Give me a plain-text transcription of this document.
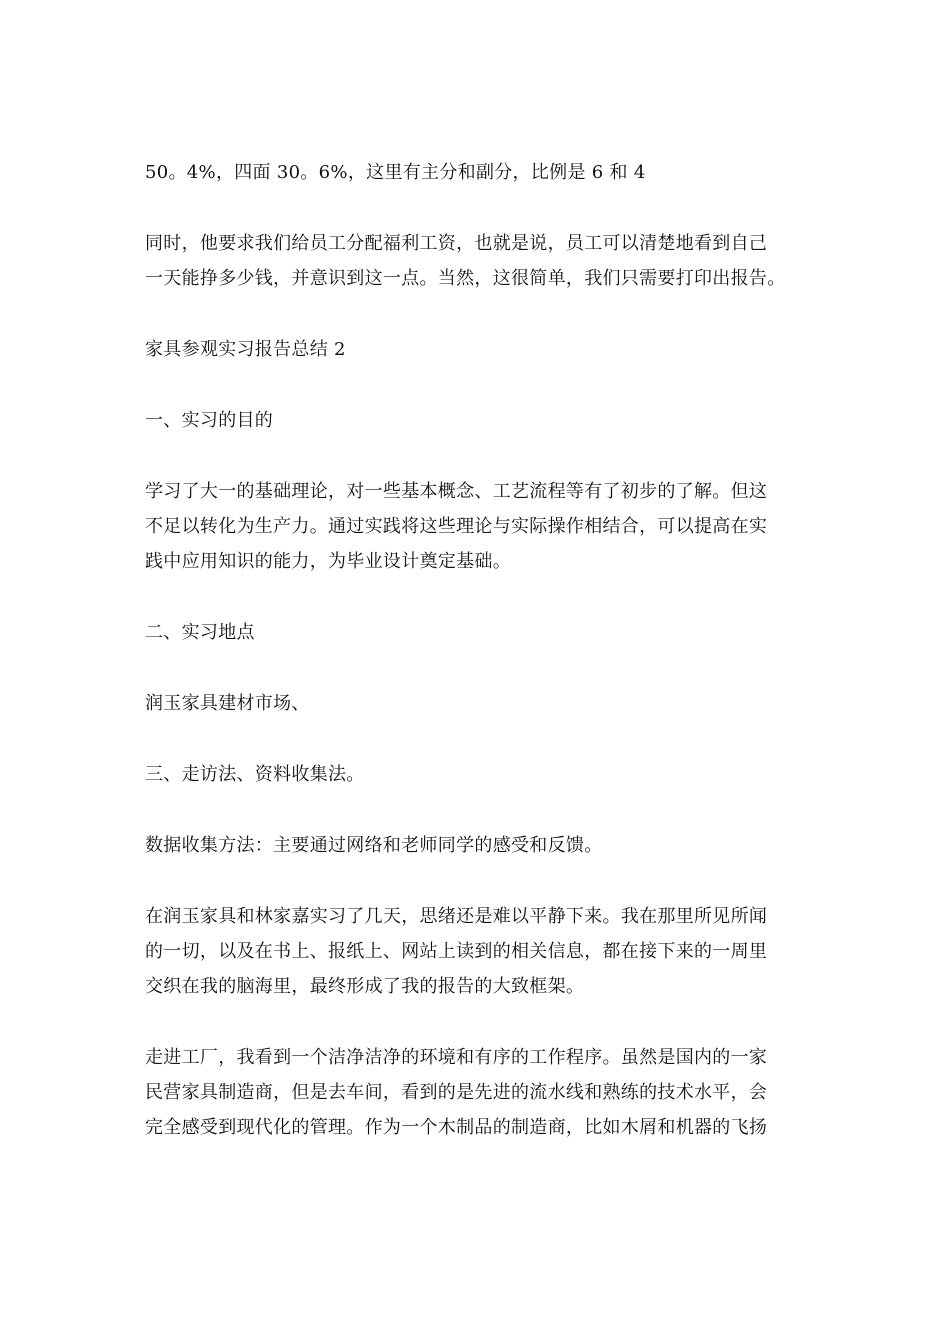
50。4%，四面 30。6%，这里有主分和副分，比例是 6 和 4

同时，他要求我们给员工分配福利工资，也就是说，员工可以清楚地看到自己
一天能挣多少钱，并意识到这一点。当然，这很简单，我们只需要打印出报告。

家具参观实习报告总结 2

一、实习的目的

学习了大一的基础理论，对一些基本概念、工艺流程等有了初步的了解。但这
不足以转化为生产力。通过实践将这些理论与实际操作相结合，可以提高在实
践中应用知识的能力，为毕业设计奠定基础。

二、实习地点

润玉家具建材市场、

三、走访法、资料收集法。

数据收集方法：主要通过网络和老师同学的感受和反馈。

在润玉家具和林家嘉实习了几天，思绪还是难以平静下来。我在那里所见所闻
的一切，以及在书上、报纸上、网站上读到的相关信息，都在接下来的一周里
交织在我的脑海里，最终形成了我的报告的大致框架。

走进工厂，我看到一个洁净洁净的环境和有序的工作程序。虽然是国内的一家
民营家具制造商，但是去车间，看到的是先进的流水线和熟练的技术水平，会
完全感受到现代化的管理。作为一个木制品的制造商，比如木屑和机器的飞扬
